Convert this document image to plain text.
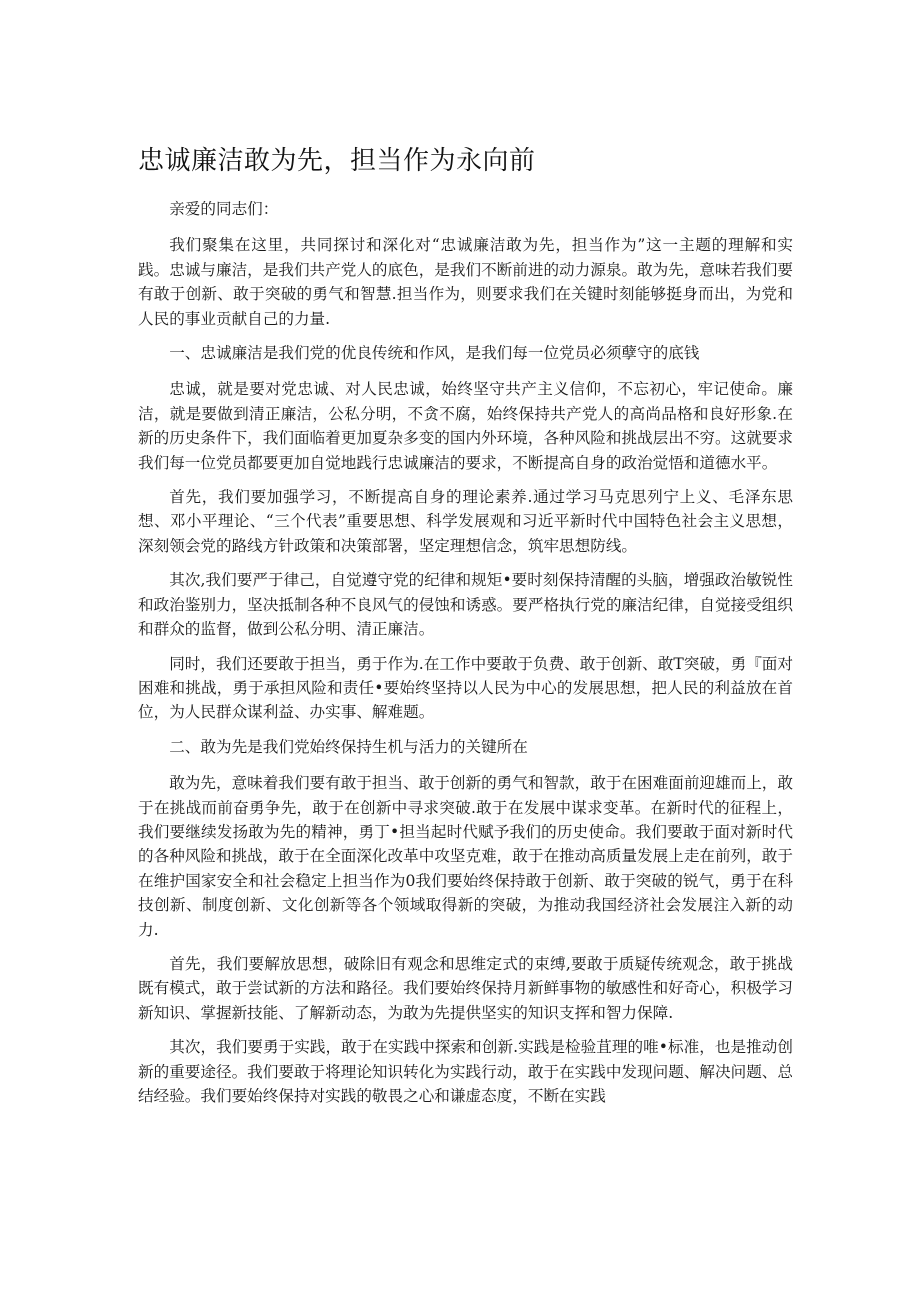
忠诚廉洁敢为先，担当作为永向前

亲爱的同志们：

我们聚集在这里，共同探讨和深化对“忠诚廉洁敢为先，担当作为”这一主题的理解和实践。忠诚与廉洁，是我们共产党人的底色，是我们不断前进的动力源泉。敢为先，意味若我们要有敢于创新、敢于突破的勇气和智慧.担当作为，则要求我们在关键时刻能够挺身而出，为党和人民的事业贡献自己的力量.

一、忠诚廉洁是我们党的优良传统和作风，是我们每一位党员必须孽守的底钱

忠诚，就是要对党忠诚、对人民忠诚，始终坚守共产主义信仰，不忘初心，牢记使命。廉洁，就是要做到清正廉洁，公私分明，不贪不腐，始终保持共产党人的高尚品格和良好形象.在新的历史条件下，我们面临着更加夏杂多变的国内外环境，各种风险和挑战层出不穷。这就要求我们每一位党员都要更加自觉地践行忠诚廉洁的要求，不断提高自身的政治觉悟和道德水平。

首先，我们要加强学习，不断提高自身的理论素养.通过学习马克思列宁上义、毛泽东思想、邓小平理论、“三个代表”重要思想、科学发展观和习近平新时代中国特色社会主义思想，深刻领会党的路线方针政策和决策部署，坚定理想信念，筑牢思想防线。

其次,我们要严于律己，自觉遵守党的纪律和规矩•要时刻保持清醒的头脑，增强政治敏锐性和政治鉴别力，坚决抵制各种不良风气的侵蚀和诱惑。要严格执行党的廉洁纪律，自觉接受组织和群众的监督，做到公私分明、清正廉洁。

同时，我们还要敢于担当，勇于作为.在工作中要敢于负费、敢于创新、敢T突破，勇『面对困难和挑战，勇于承担风险和责任•要始终坚持以人民为中心的发展思想，把人民的利益放在首位，为人民群众谋利益、办实事、解难题。

二、敢为先是我们党始终保持生机与活力的关键所在

敢为先，意味着我们要有敢于担当、敢于创新的勇气和智款，敢于在困难面前迎雄而上，敢于在挑战而前奋勇争先，敢于在创新中寻求突破.敢于在发展中谋求变革。在新时代的征程上，我们要继续发扬敢为先的精神，勇丁•担当起时代赋予我们的历史使命。我们要敢于面对新时代的各种风险和挑战，敢于在全面深化改革中攻坚克难，敢于在推动高质量发展上走在前列，敢于在维护国家安全和社会稳定上担当作为0我们要始终保持敢于创新、敢于突破的锐气，勇于在科技创新、制度创新、文化创新等各个领域取得新的突破，为推动我国经济社会发展注入新的动力.

首先，我们要解放思想，破除旧有观念和思维定式的束缚,要敢于质疑传统观念，敢于挑战既有模式，敢于尝试新的方法和路径。我们要始终保持月新鲜事物的敏感性和好奇心，积极学习新知识、掌握新技能、了解新动态，为敢为先提供坚实的知识支挥和智力保障.

其次，我们要勇于实践，敢于在实践中探索和创新.实践是检验苴理的唯•标准，也是推动创新的重要途径。我们要敢于将理论知识转化为实践行动，敢于在实践中发现问题、解决问题、总结经验。我们要始终保持对实践的敬畏之心和谦虚态度，不断在实践
